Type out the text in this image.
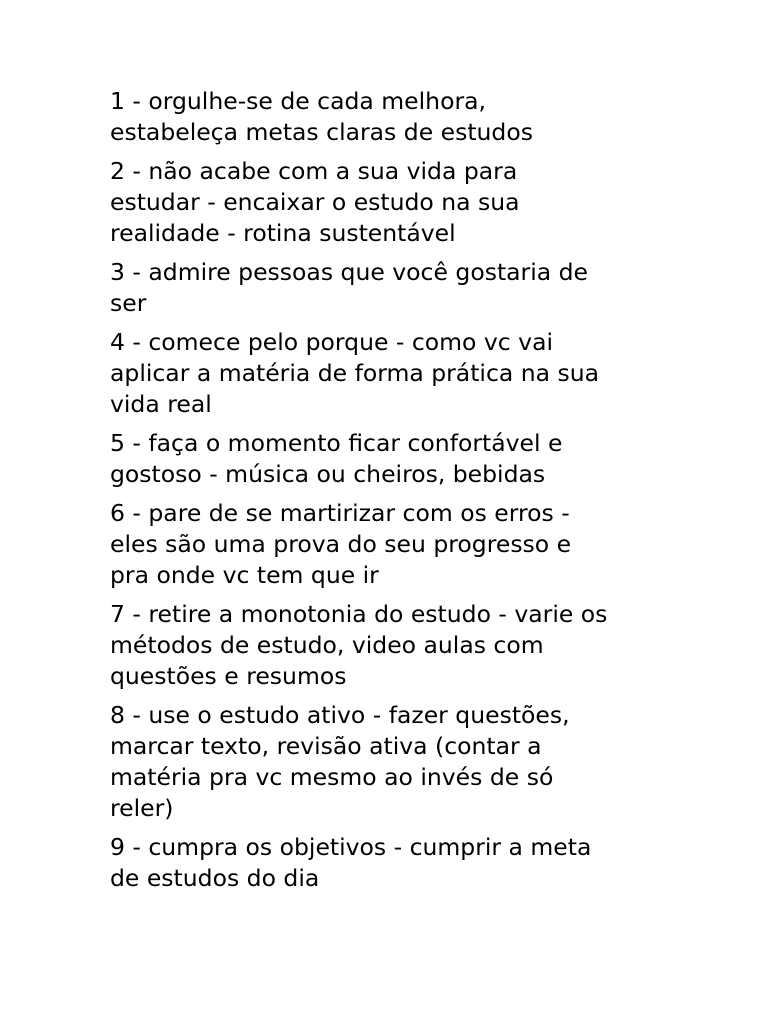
1 - orgulhe-se de cada melhora,
estabeleça metas claras de estudos
2 - não acabe com a sua vida para
estudar - encaixar o estudo na sua
realidade - rotina sustentável
3 - admire pessoas que você gostaria de
ser
4 - comece pelo porque - como vc vai
aplicar a matéria de forma prática na sua
vida real
5 - faça o momento ficar confortável e
gostoso - música ou cheiros, bebidas
6 - pare de se martirizar com os erros -
eles são uma prova do seu progresso e
pra onde vc tem que ir
7 - retire a monotonia do estudo - varie os
métodos de estudo, video aulas com
questões e resumos
8 - use o estudo ativo - fazer questões,
marcar texto, revisão ativa (contar a
matéria pra vc mesmo ao invés de só
reler)
9 - cumpra os objetivos - cumprir a meta
de estudos do dia
